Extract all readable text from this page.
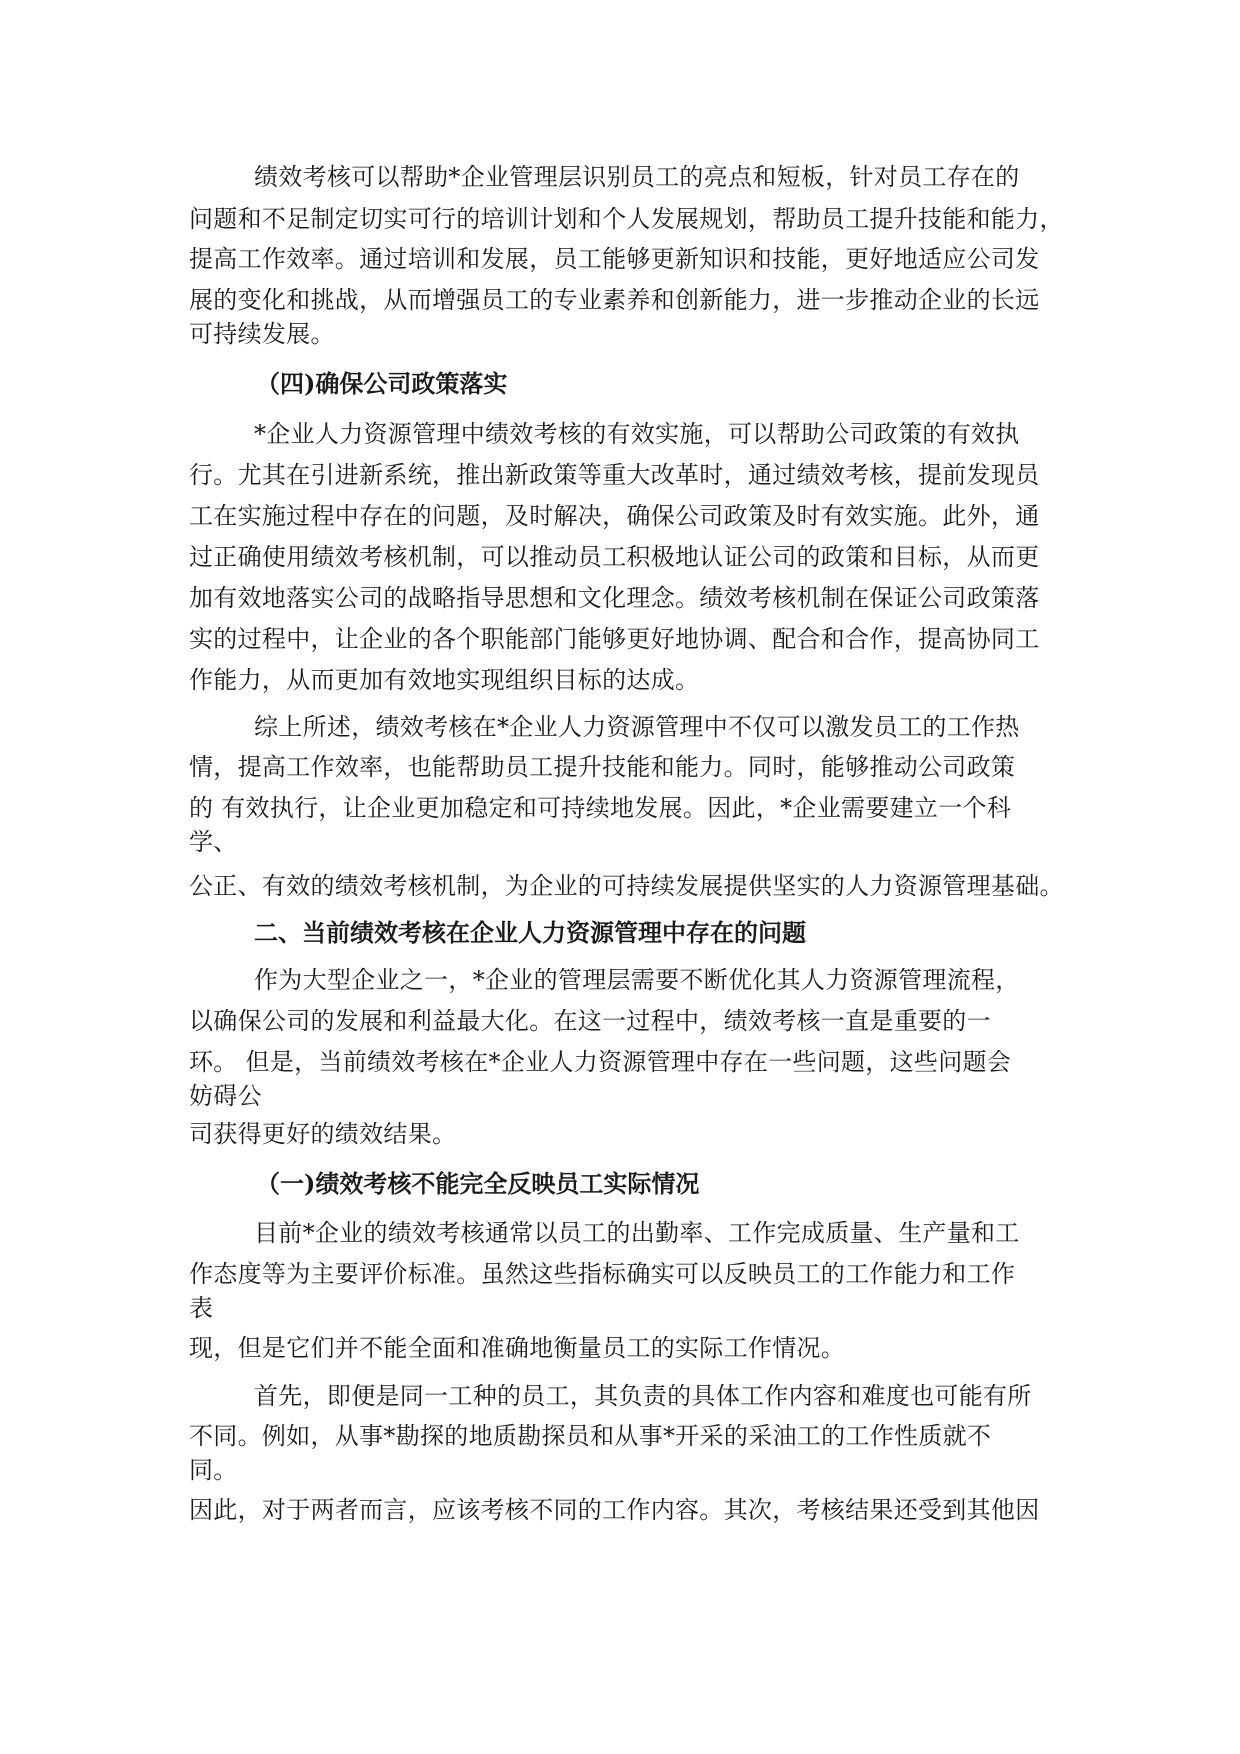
绩效考核可以帮助*企业管理层识别员工的亮点和短板，针对员工存在的
问题和不足制定切实可行的培训计划和个人发展规划，帮助员工提升技能和能力，
提高工作效率。通过培训和发展，员工能够更新知识和技能，更好地适应公司发
展的变化和挑战，从而增强员工的专业素养和创新能力，进一步推动企业的长远
可持续发展。
（四)确保公司政策落实
*企业人力资源管理中绩效考核的有效实施，可以帮助公司政策的有效执
行。尤其在引进新系统，推出新政策等重大改革时，通过绩效考核，提前发现员
工在实施过程中存在的问题，及时解决，确保公司政策及时有效实施。此外，通
过正确使用绩效考核机制，可以推动员工积极地认证公司的政策和目标，从而更
加有效地落实公司的战略指导思想和文化理念。绩效考核机制在保证公司政策落
实的过程中，让企业的各个职能部门能够更好地协调、配合和合作，提高协同工
作能力，从而更加有效地实现组织目标的达成。
综上所述，绩效考核在*企业人力资源管理中不仅可以激发员工的工作热
情，提高工作效率，也能帮助员工提升技能和能力。同时，能够推动公司政策
的 有效执行，让企业更加稳定和可持续地发展。因此，*企业需要建立一个科
学、
公正、有效的绩效考核机制，为企业的可持续发展提供坚实的人力资源管理基础。
二、当前绩效考核在企业人力资源管理中存在的问题
作为大型企业之一，*企业的管理层需要不断优化其人力资源管理流程，
以确保公司的发展和利益最大化。在这一过程中，绩效考核一直是重要的一
环。 但是，当前绩效考核在*企业人力资源管理中存在一些问题，这些问题会
妨碍公
司获得更好的绩效结果。
（一)绩效考核不能完全反映员工实际情况
目前*企业的绩效考核通常以员工的出勤率、工作完成质量、生产量和工
作态度等为主要评价标准。虽然这些指标确实可以反映员工的工作能力和工作
表
现，但是它们并不能全面和准确地衡量员工的实际工作情况。
首先，即便是同一工种的员工，其负责的具体工作内容和难度也可能有所
不同。例如，从事*勘探的地质勘探员和从事*开采的采油工的工作性质就不
同。
因此，对于两者而言，应该考核不同的工作内容。其次，考核结果还受到其他因
